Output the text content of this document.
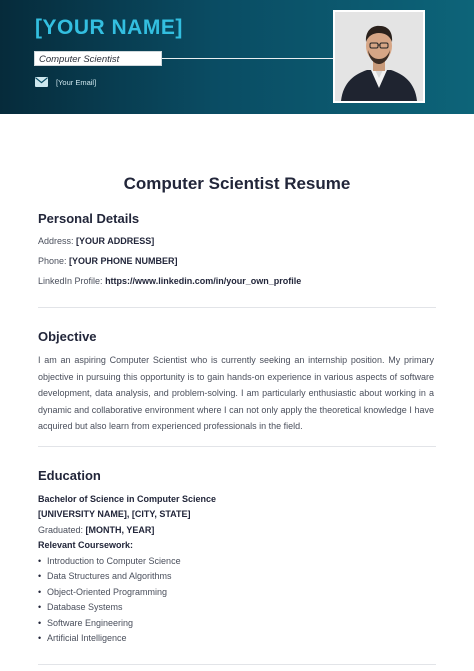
[YOUR NAME]
Computer Scientist
[Your Email]
Computer Scientist Resume
Personal Details
Address: [YOUR ADDRESS]
Phone: [YOUR PHONE NUMBER]
LinkedIn Profile: https://www.linkedin.com/in/your_own_profile
Objective
I am an aspiring Computer Scientist who is currently seeking an internship position. My primary objective in pursuing this opportunity is to gain hands-on experience in various aspects of software development, data analysis, and problem-solving. I am particularly enthusiastic about working in a dynamic and collaborative environment where I can not only apply the theoretical knowledge I have acquired but also learn from experienced professionals in the field.
Education
Bachelor of Science in Computer Science
[UNIVERSITY NAME], [CITY, STATE]
Graduated: [MONTH, YEAR]
Relevant Coursework:
• Introduction to Computer Science
• Data Structures and Algorithms
• Object-Oriented Programming
• Database Systems
• Software Engineering
• Artificial Intelligence
